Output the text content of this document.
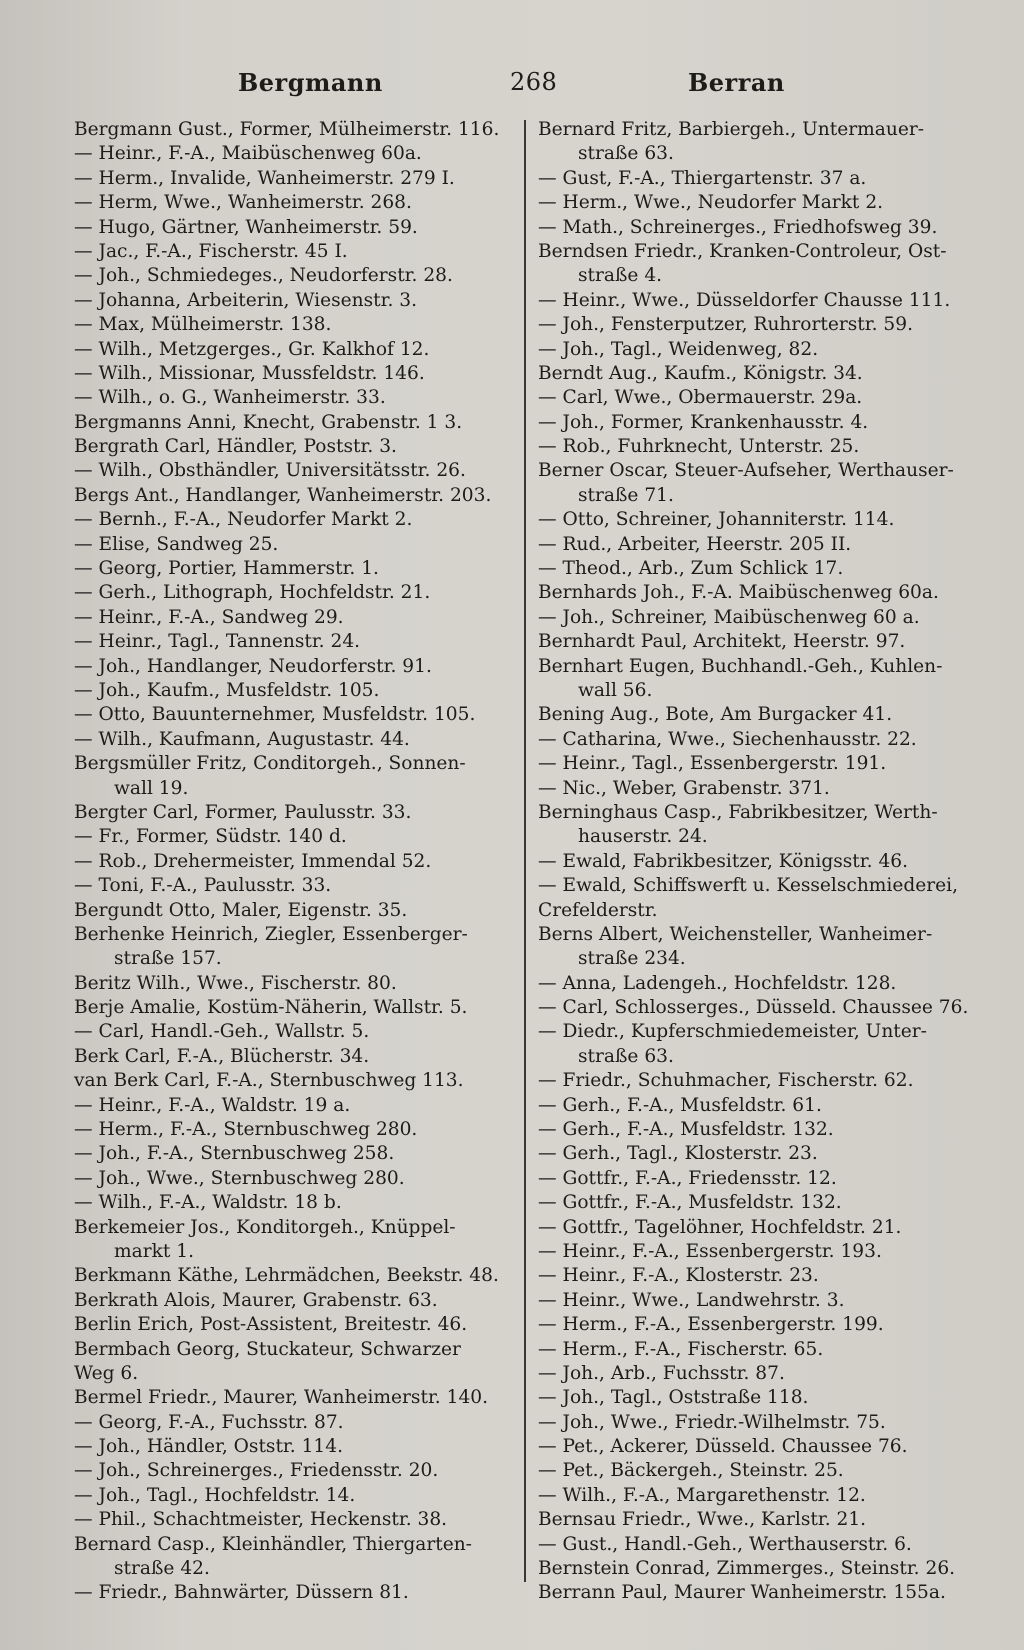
Bergmann	268	Berran
Bergmann Gust., Former, Mülheimerstr. 116.
— Heinr., F.-A., Maibüschenweg 60a.
— Herm., Invalide, Wanheimerstr. 279 I.
— Herm, Wwe., Wanheimerstr. 268.
— Hugo, Gärtner, Wanheimerstr. 59.
— Jac., F.-A., Fischerstr. 45 I.
— Joh., Schmiedeges., Neudorferstr. 28.
— Johanna, Arbeiterin, Wiesenstr. 3.
— Max, Mülheimerstr. 138.
— Wilh., Metzgerges., Gr. Kalkhof 12.
— Wilh., Missionar, Mussfeldstr. 146.
— Wilh., o. G., Wanheimerstr. 33.
Bergmanns Anni, Knecht, Grabenstr. 1 3.
Bergrath Carl, Händler, Poststr. 3.
— Wilh., Obsthändler, Universitätsstr. 26.
Bergs Ant., Handlanger, Wanheimerstr. 203.
— Bernh., F.-A., Neudorfer Markt 2.
— Elise, Sandweg 25.
— Georg, Portier, Hammerstr. 1.
— Gerh., Lithograph, Hochfeldstr. 21.
— Heinr., F.-A., Sandweg 29.
— Heinr., Tagl., Tannenstr. 24.
— Joh., Handlanger, Neudorferstr. 91.
— Joh., Kaufm., Musfeldstr. 105.
— Otto, Bauunternehmer, Musfeldstr. 105.
— Wilh., Kaufmann, Augustastr. 44.
Bergsmüller Fritz, Conditorgeh., Sonnen-
wall 19.
Bergter Carl, Former, Paulusstr. 33.
— Fr., Former, Südstr. 140 d.
— Rob., Drehermeister, Immendal 52.
— Toni, F.-A., Paulusstr. 33.
Bergundt Otto, Maler, Eigenstr. 35.
Berhenke Heinrich, Ziegler, Essenberger-
straße 157.
Beritz Wilh., Wwe., Fischerstr. 80.
Berje Amalie, Kostüm-Näherin, Wallstr. 5.
— Carl, Handl.-Geh., Wallstr. 5.
Berk Carl, F.-A., Blücherstr. 34.
van Berk Carl, F.-A., Sternbuschweg 113.
— Heinr., F.-A., Waldstr. 19 a.
— Herm., F.-A., Sternbuschweg 280.
— Joh., F.-A., Sternbuschweg 258.
— Joh., Wwe., Sternbuschweg 280.
— Wilh., F.-A., Waldstr. 18 b.
Berkemeier Jos., Konditorgeh., Knüppel-
markt 1.
Berkmann Käthe, Lehrmädchen, Beekstr. 48.
Berkrath Alois, Maurer, Grabenstr. 63.
Berlin Erich, Post-Assistent, Breitestr. 46.
Bermbach Georg, Stuckateur, Schwarzer
Weg 6.
Bermel Friedr., Maurer, Wanheimerstr. 140.
— Georg, F.-A., Fuchsstr. 87.
— Joh., Händler, Oststr. 114.
— Joh., Schreinerges., Friedensstr. 20.
— Joh., Tagl., Hochfeldstr. 14.
— Phil., Schachtmeister, Heckenstr. 38.
Bernard Casp., Kleinhändler, Thiergarten-
straße 42.
— Friedr., Bahnwärter, Düssern 81.
Bernard Fritz, Barbiergeh., Untermauer-
straße 63.
— Gust, F.-A., Thiergartenstr. 37 a.
— Herm., Wwe., Neudorfer Markt 2.
— Math., Schreinerges., Friedhofsweg 39.
Berndsen Friedr., Kranken-Controleur, Ost-
straße 4.
— Heinr., Wwe., Düsseldorfer Chausse 111.
— Joh., Fensterputzer, Ruhrorterstr. 59.
— Joh., Tagl., Weidenweg, 82.
Berndt Aug., Kaufm., Königstr. 34.
— Carl, Wwe., Obermauerstr. 29a.
— Joh., Former, Krankenhausstr. 4.
— Rob., Fuhrknecht, Unterstr. 25.
Berner Oscar, Steuer-Aufseher, Werthauser-
straße 71.
— Otto, Schreiner, Johanniterstr. 114.
— Rud., Arbeiter, Heerstr. 205 II.
— Theod., Arb., Zum Schlick 17.
Bernhards Joh., F.-A. Maibüschenweg 60a.
— Joh., Schreiner, Maibüschenweg 60 a.
Bernhardt Paul, Architekt, Heerstr. 97.
Bernhart Eugen, Buchhandl.-Geh., Kuhlen-
wall 56.
Bening Aug., Bote, Am Burgacker 41.
— Catharina, Wwe., Siechenhausstr. 22.
— Heinr., Tagl., Essenbergerstr. 191.
— Nic., Weber, Grabenstr. 371.
Berninghaus Casp., Fabrikbesitzer, Werth-
hauserstr. 24.
— Ewald, Fabrikbesitzer, Königsstr. 46.
— Ewald, Schiffswerft u. Kesselschmiederei,
Crefelderstr.
Berns Albert, Weichensteller, Wanheimer-
straße 234.
— Anna, Ladengeh., Hochfeldstr. 128.
— Carl, Schlosserges., Düsseld. Chaussee 76.
— Diedr., Kupferschmiedemeister, Unter-
straße 63.
— Friedr., Schuhmacher, Fischerstr. 62.
— Gerh., F.-A., Musfeldstr. 61.
— Gerh., F.-A., Musfeldstr. 132.
— Gerh., Tagl., Klosterstr. 23.
— Gottfr., F.-A., Friedensstr. 12.
— Gottfr., F.-A., Musfeldstr. 132.
— Gottfr., Tagelöhner, Hochfeldstr. 21.
— Heinr., F.-A., Essenbergerstr. 193.
— Heinr., F.-A., Klosterstr. 23.
— Heinr., Wwe., Landwehrstr. 3.
— Herm., F.-A., Essenbergerstr. 199.
— Herm., F.-A., Fischerstr. 65.
— Joh., Arb., Fuchsstr. 87.
— Joh., Tagl., Oststraße 118.
— Joh., Wwe., Friedr.-Wilhelmstr. 75.
— Pet., Ackerer, Düsseld. Chaussee 76.
— Pet., Bäckergeh., Steinstr. 25.
— Wilh., F.-A., Margarethenstr. 12.
Bernsau Friedr., Wwe., Karlstr. 21.
— Gust., Handl.-Geh., Werthauserstr. 6.
Bernstein Conrad, Zimmerges., Steinstr. 26.
Berrann Paul, Maurer Wanheimerstr. 155a.
